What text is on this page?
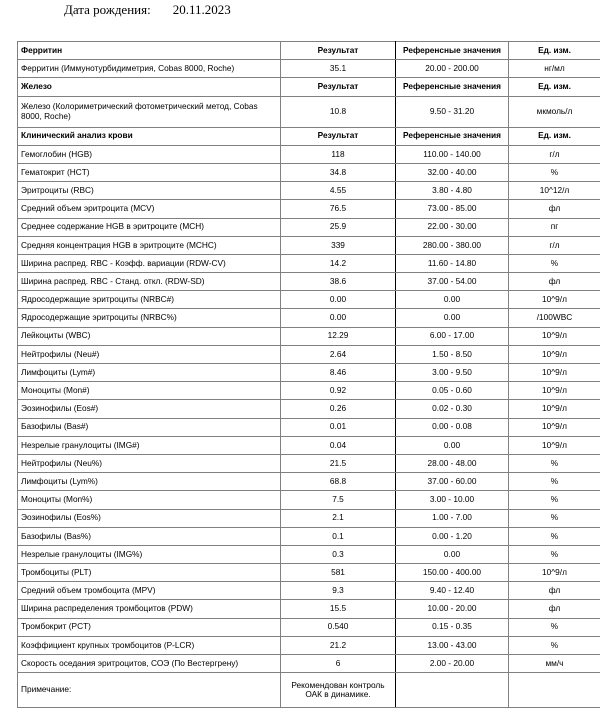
Дата рождения: 20.11.2023
Ферритин	Результат	Референсные значения	Ед. изм.
Ферритин (Иммунотурбидиметрия, Cobas 8000, Roche)	35.1	20.00 - 200.00	нг/мл
Железо	Результат	Референсные значения	Ед. изм.
Железо (Колориметрический фотометрический метод, Cobas 8000, Roche)	10.8	9.50 - 31.20	мкмоль/л
Клинический анализ крови	Результат	Референсные значения	Ед. изм.
Гемоглобин (HGB)	118	110.00 - 140.00	г/л
Гематокрит (HCT)	34.8	32.00 - 40.00	%
Эритроциты (RBC)	4.55	3.80 - 4.80	10^12/л
Средний объем эритроцита (MCV)	76.5	73.00 - 85.00	фл
Среднее содержание HGB в эритроците (MCH)	25.9	22.00 - 30.00	пг
Средняя концентрация HGB в эритроците (MCHC)	339	280.00 - 380.00	г/л
Ширина распред. RBC - Коэфф. вариации (RDW-CV)	14.2	11.60 - 14.80	%
Ширина распред. RBC - Станд. откл. (RDW-SD)	38.6	37.00 - 54.00	фл
Ядросодержащие эритроциты (NRBC#)	0.00	0.00	10^9/л
Ядросодержащие эритроциты (NRBC%)	0.00	0.00	/100WBC
Лейкоциты (WBC)	12.29	6.00 - 17.00	10^9/л
Нейтрофилы (Neu#)	2.64	1.50 - 8.50	10^9/л
Лимфоциты (Lym#)	8.46	3.00 - 9.50	10^9/л
Моноциты (Mon#)	0.92	0.05 - 0.60	10^9/л
Эозинофилы (Eos#)	0.26	0.02 - 0.30	10^9/л
Базофилы (Bas#)	0.01	0.00 - 0.08	10^9/л
Незрелые гранулоциты (IMG#)	0.04	0.00	10^9/л
Нейтрофилы (Neu%)	21.5	28.00 - 48.00	%
Лимфоциты (Lym%)	68.8	37.00 - 60.00	%
Моноциты (Mon%)	7.5	3.00 - 10.00	%
Эозинофилы (Eos%)	2.1	1.00 - 7.00	%
Базофилы (Bas%)	0.1	0.00 - 1.20	%
Незрелые гранулоциты (IMG%)	0.3	0.00	%
Тромбоциты (PLT)	581	150.00 - 400.00	10^9/л
Средний объем тромбоцита (MPV)	9.3	9.40 - 12.40	фл
Ширина распределения тромбоцитов (PDW)	15.5	10.00 - 20.00	фл
Тромбокрит (PCT)	0.540	0.15 - 0.35	%
Коэффициент крупных тромбоцитов (P-LCR)	21.2	13.00 - 43.00	%
Скорость оседания эритроцитов, СОЭ (По Вестергрену)	6	2.00 - 20.00	мм/ч
Примечание:	Рекомендован контроль ОАК в динамике.		
